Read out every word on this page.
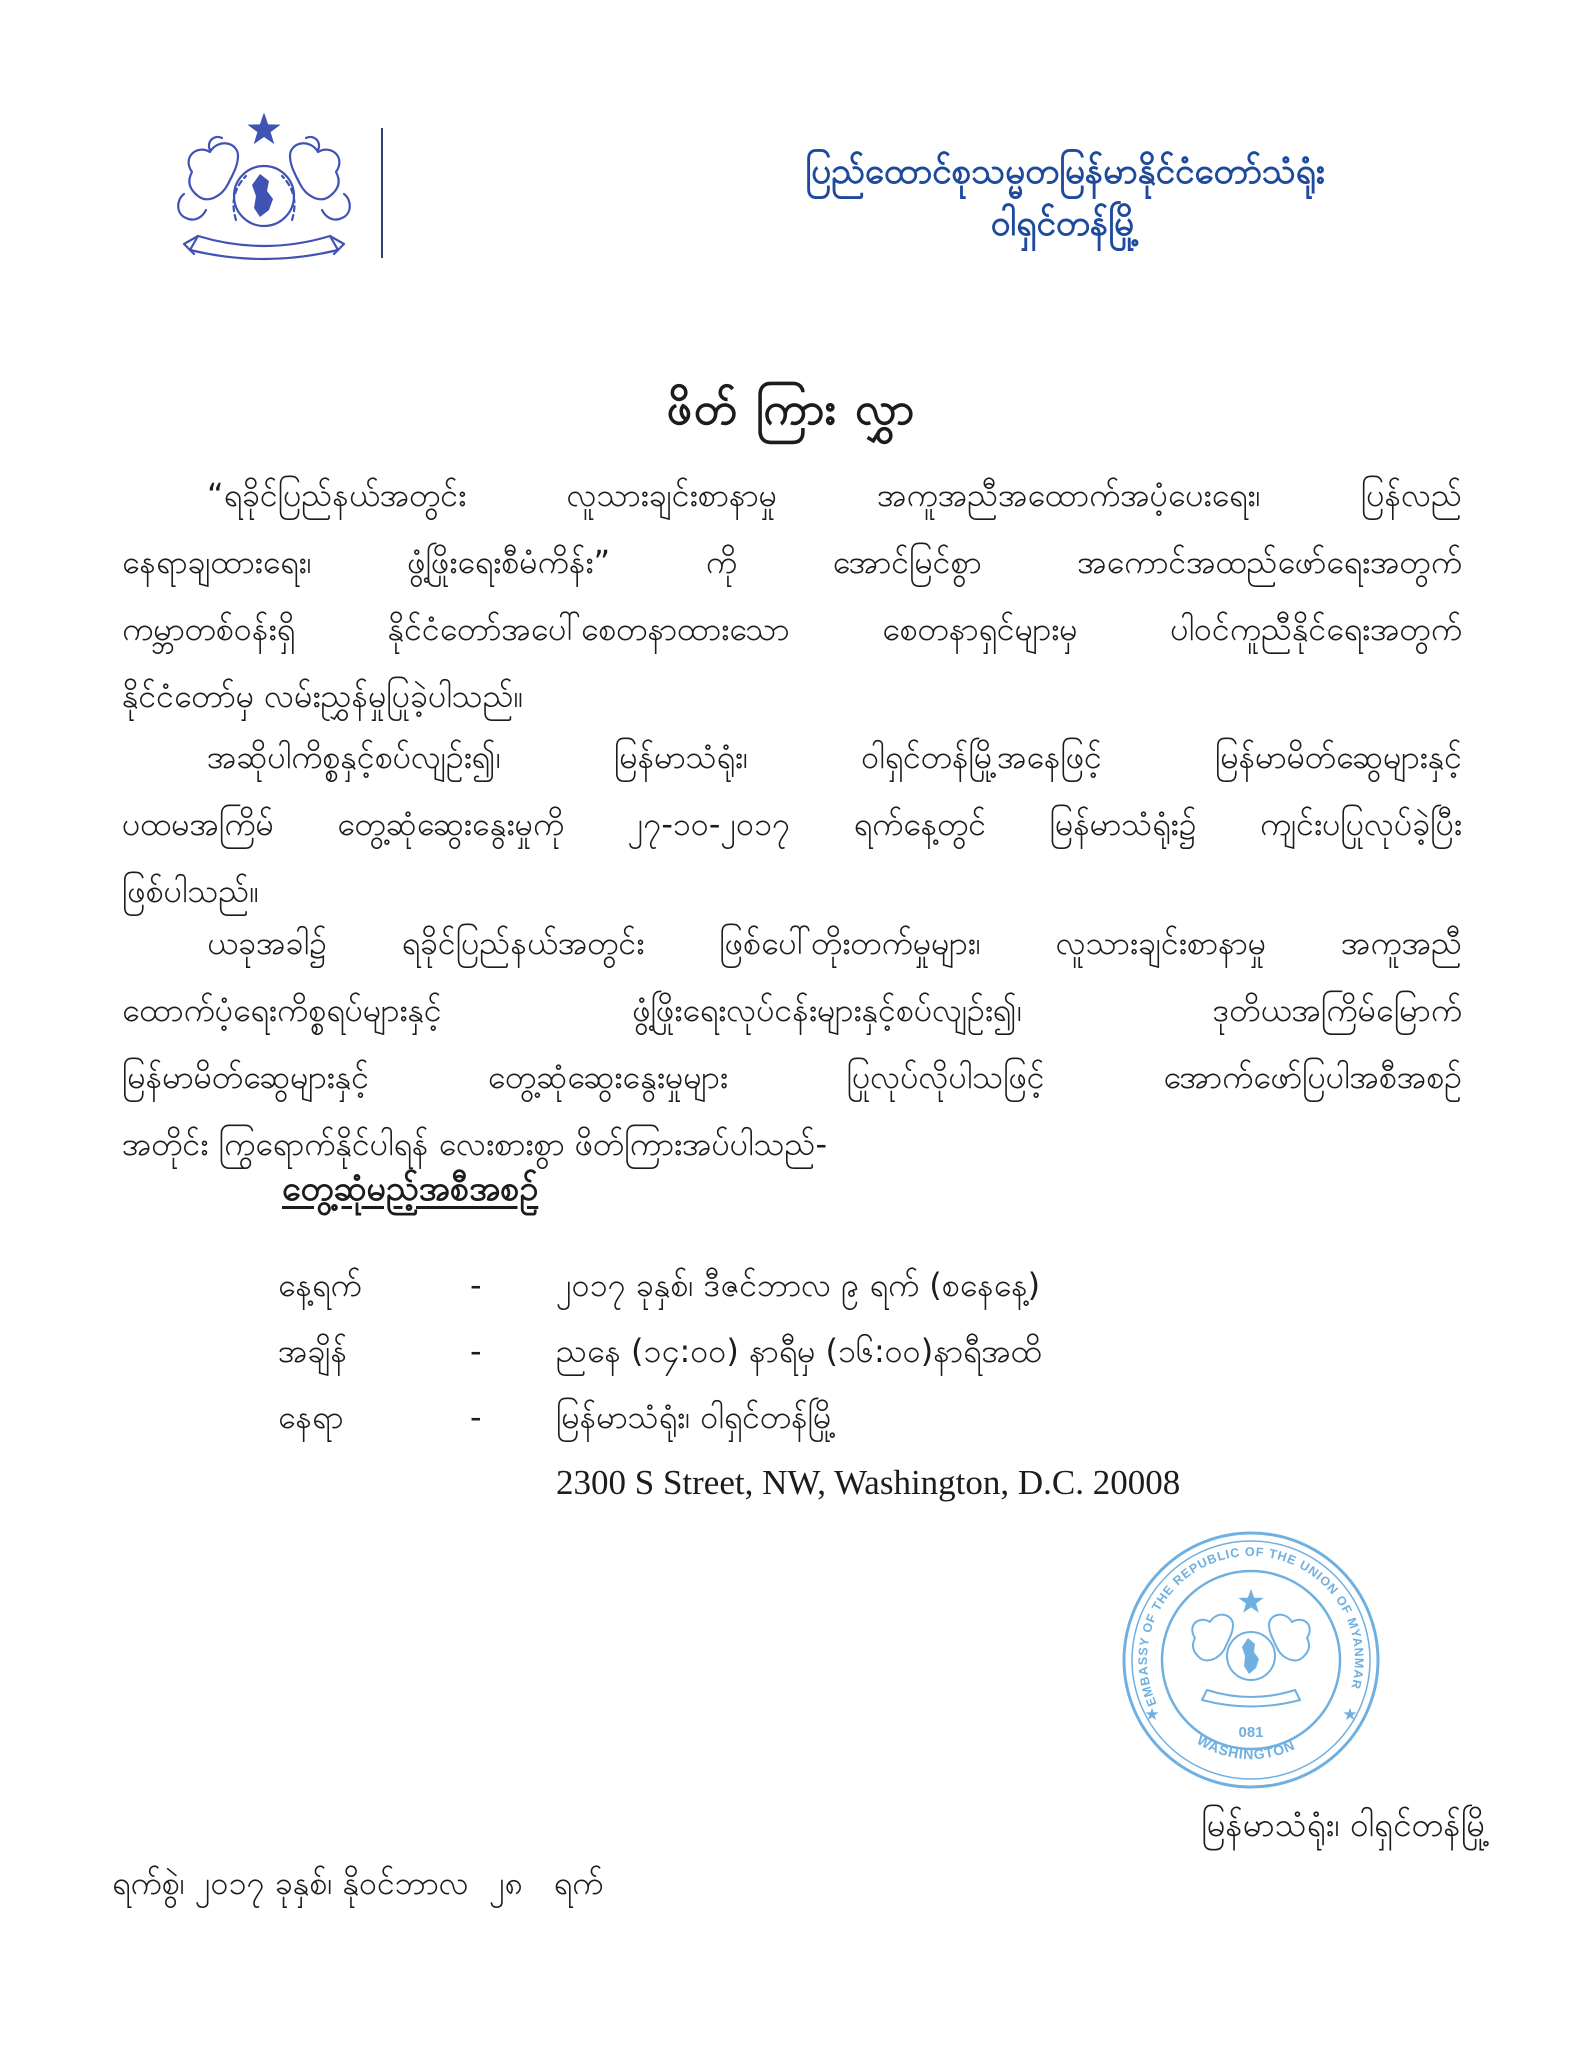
ပြည်ထောင်စုသမ္မတမြန်မာနိုင်ငံတော်သံရုံး
ဝါရှင်တန်မြို့
ဖိတ် ကြား လွှာ
“ရခိုင်ပြည်နယ်အတွင်း လူသားချင်းစာနာမှု အကူအညီအထောက်အပံ့ပေးရေး၊ ပြန်လည်
နေရာချထားရေး၊ ဖွံ့ဖြိုးရေးစီမံကိန်း” ကို အောင်မြင်စွာ အကောင်အထည်ဖော်ရေးအတွက်
ကမ္ဘာတစ်ဝန်းရှိ နိုင်ငံတော်အပေါ်စေတနာထားသော စေတနာရှင်များမှ ပါဝင်ကူညီနိုင်ရေးအတွက်
နိုင်ငံတော်မှ လမ်းညွှန်မှုပြုခဲ့ပါသည်။
အဆိုပါကိစ္စနှင့်စပ်လျဉ်း၍၊ မြန်မာသံရုံး၊ ဝါရှင်တန်မြို့အနေဖြင့် မြန်မာမိတ်ဆွေများနှင့်
ပထမအကြိမ် တွေ့ဆုံဆွေးနွေးမှုကို ၂၇-၁၀-၂၀၁၇ ရက်နေ့တွင် မြန်မာသံရုံး၌ ကျင်းပပြုလုပ်ခဲ့ပြီး
ဖြစ်ပါသည်။
ယခုအခါ၌ ရခိုင်ပြည်နယ်အတွင်း ဖြစ်ပေါ်တိုးတက်မှုများ၊ လူသားချင်းစာနာမှု အကူအညီ
ထောက်ပံ့ရေးကိစ္စရပ်များနှင့် ဖွံ့ဖြိုးရေးလုပ်ငန်းများနှင့်စပ်လျဉ်း၍၊ ဒုတိယအကြိမ်မြောက်
မြန်မာမိတ်ဆွေများနှင့် တွေ့ဆုံဆွေးနွေးမှုများ ပြုလုပ်လိုပါသဖြင့် အောက်ဖော်ပြပါအစီအစဉ်
အတိုင်း ကြွရောက်နိုင်ပါရန် လေးစားစွာ ဖိတ်ကြားအပ်ပါသည်-
တွေ့ဆုံမည့်အစီအစဉ်
နေ့ရက်	-	၂၀၁၇ ခုနှစ်၊ ဒီဇင်ဘာလ ၉ ရက် (စနေနေ့)
အချိန်	-	ညနေ (၁၄:၀၀) နာရီမှ (၁၆:၀၀)နာရီအထိ
နေရာ	-	မြန်မာသံရုံး၊ ဝါရှင်တန်မြို့
2300 S Street, NW, Washington, D.C. 20008
EMBASSY OF THE REPUBLIC OF THE UNION OF MYANMAR
WASHINGTON
★	★
081
မြန်မာသံရုံး၊ ဝါရှင်တန်မြို့
ရက်စွဲ၊ ၂၀၁၇ ခုနှစ်၊ နိုဝင်ဘာလ  ၂၈   ရက်
